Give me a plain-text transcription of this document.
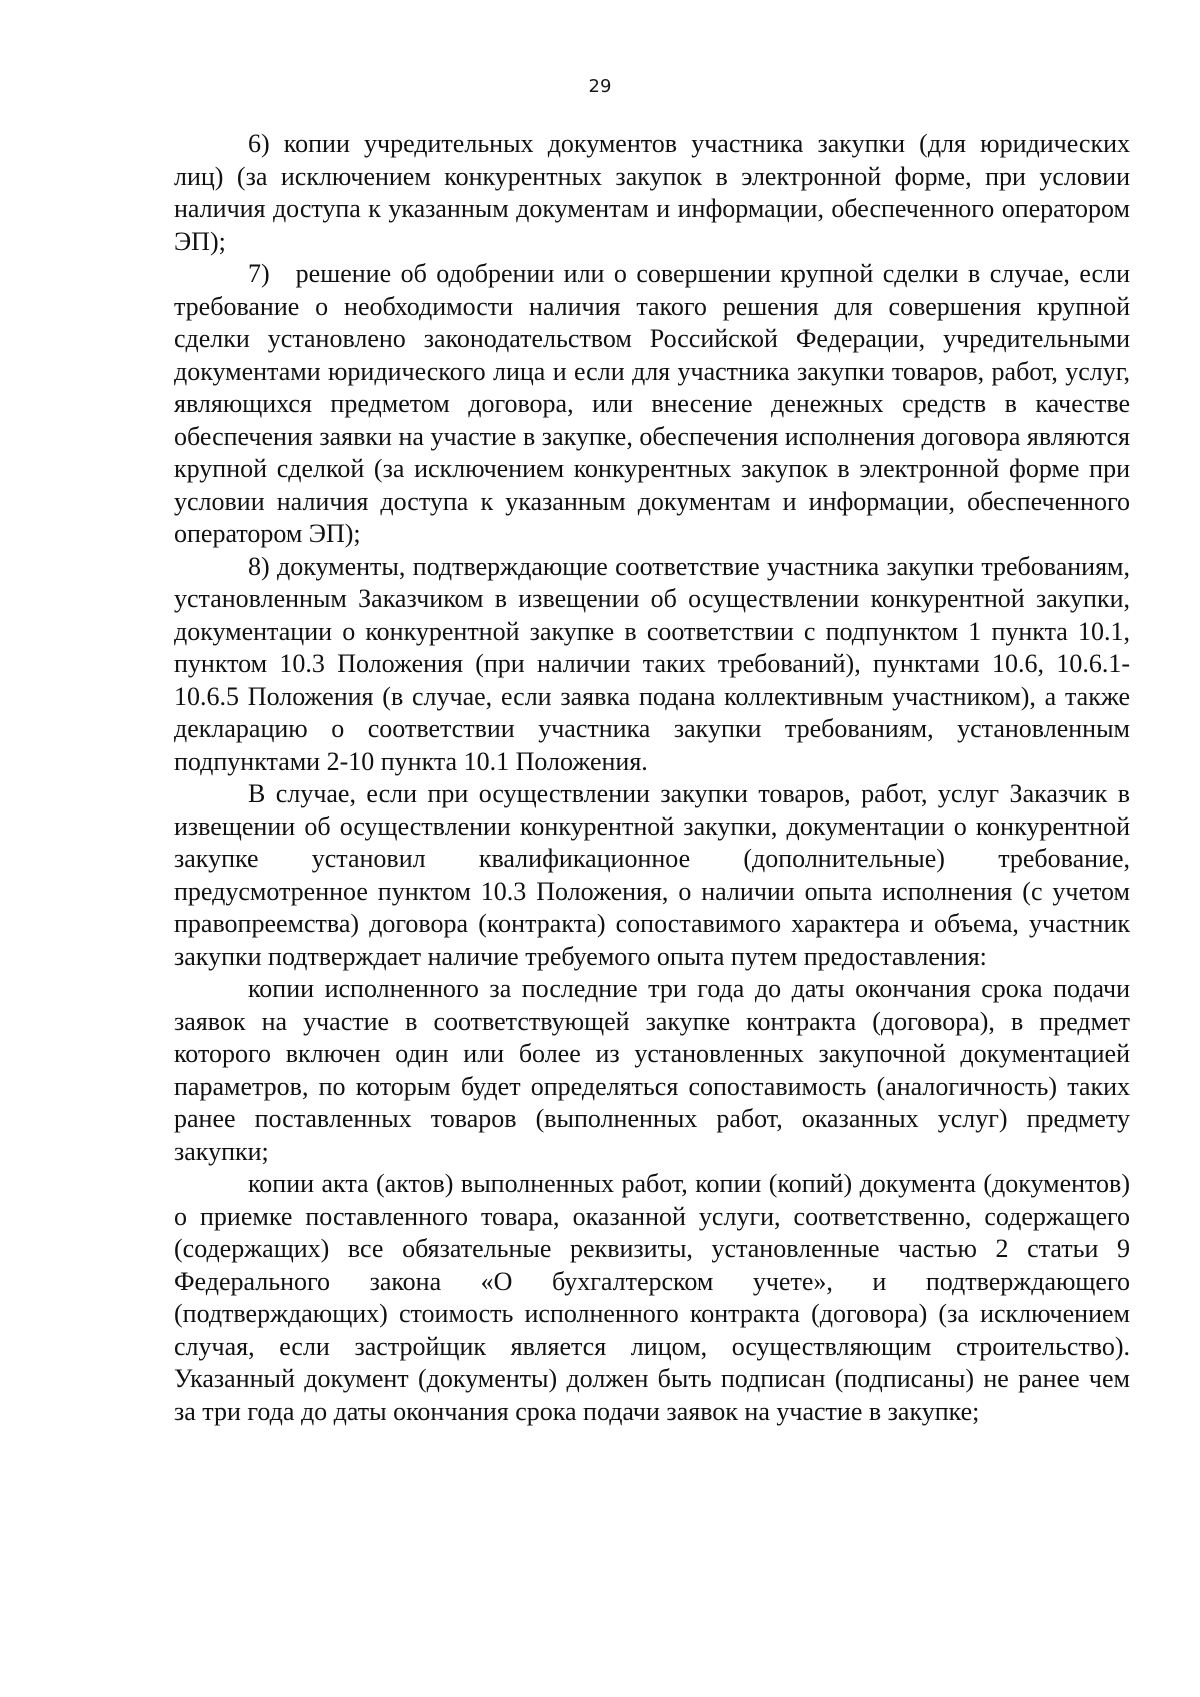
29

6) копии учредительных документов участника закупки (для юридических лиц) (за исключением конкурентных закупок в электронной форме, при условии наличия доступа к указанным документам и информации, обеспеченного оператором ЭП);

7) решение об одобрении или о совершении крупной сделки в случае, если требование о необходимости наличия такого решения для совершения крупной сделки установлено законодательством Российской Федерации, учредительными документами юридического лица и если для участника закупки товаров, работ, услуг, являющихся предметом договора, или внесение денежных средств в качестве обеспечения заявки на участие в закупке, обеспечения исполнения договора являются крупной сделкой (за исключением конкурентных закупок в электронной форме при условии наличия доступа к указанным документам и информации, обеспеченного оператором ЭП);

8) документы, подтверждающие соответствие участника закупки требованиям, установленным Заказчиком в извещении об осуществлении конкурентной закупки, документации о конкурентной закупке в соответствии с подпунктом 1 пункта 10.1, пунктом 10.3 Положения (при наличии таких требований), пунктами 10.6, 10.6.1-10.6.5 Положения (в случае, если заявка подана коллективным участником), а также декларацию о соответствии участника закупки требованиям, установленным подпунктами 2-10 пункта 10.1 Положения.

В случае, если при осуществлении закупки товаров, работ, услуг Заказчик в извещении об осуществлении конкурентной закупки, документации о конкурентной закупке установил квалификационное (дополнительные) требование, предусмотренное пунктом 10.3 Положения, о наличии опыта исполнения (с учетом правопреемства) договора (контракта) сопоставимого характера и объема, участник закупки подтверждает наличие требуемого опыта путем предоставления:

копии исполненного за последние три года до даты окончания срока подачи заявок на участие в соответствующей закупке контракта (договора), в предмет которого включен один или более из установленных закупочной документацией параметров, по которым будет определяться сопоставимость (аналогичность) таких ранее поставленных товаров (выполненных работ, оказанных услуг) предмету закупки;

копии акта (актов) выполненных работ, копии (копий) документа (документов) о приемке поставленного товара, оказанной услуги, соответственно, содержащего (содержащих) все обязательные реквизиты, установленные частью 2 статьи 9 Федерального закона «О бухгалтерском учете», и подтверждающего (подтверждающих) стоимость исполненного контракта (договора) (за исключением случая, если застройщик является лицом, осуществляющим строительство). Указанный документ (документы) должен быть подписан (подписаны) не ранее чем за три года до даты окончания срока подачи заявок на участие в закупке;
